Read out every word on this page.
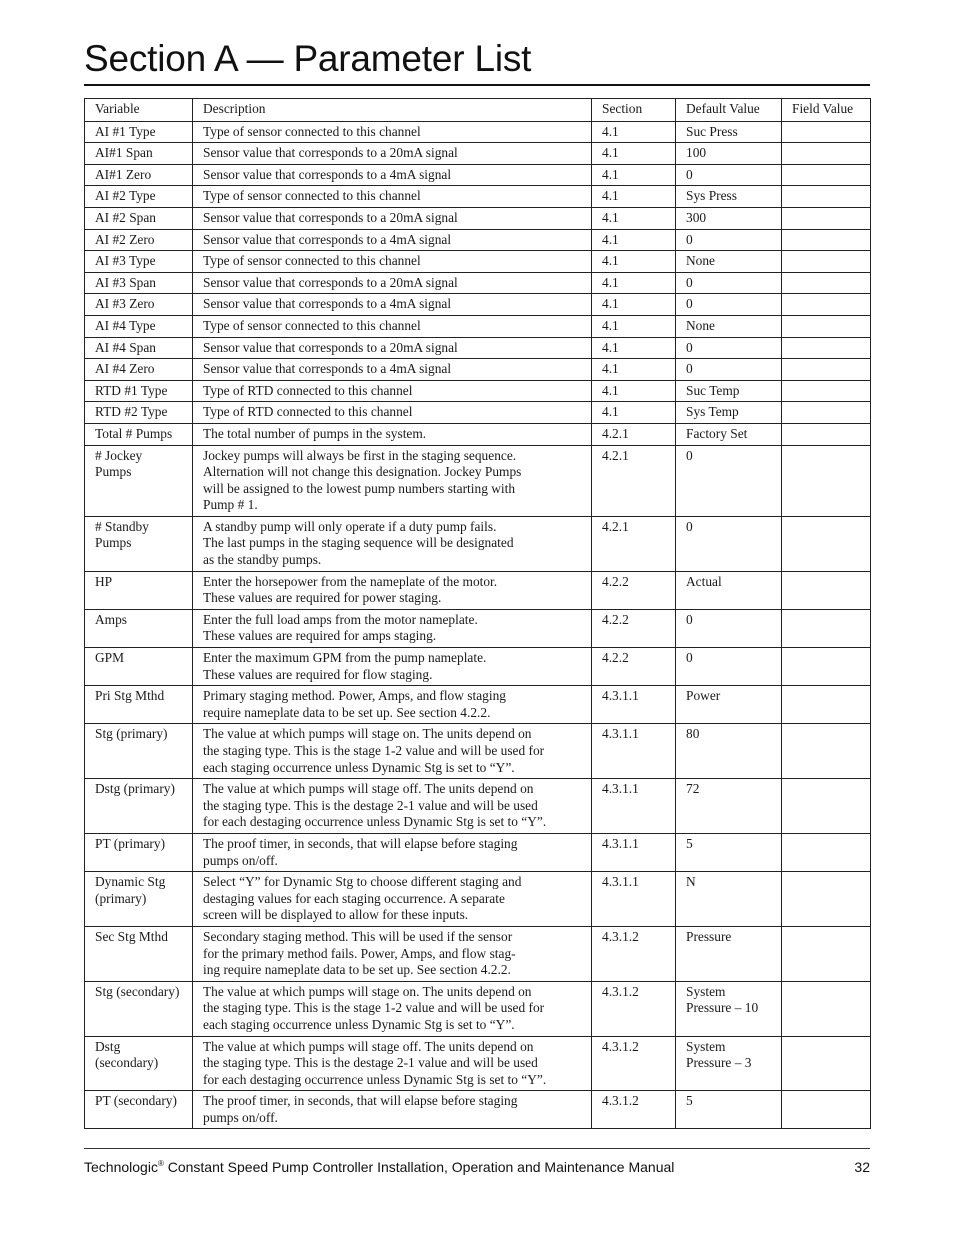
Section A — Parameter List
Variable	Description	Section	Default Value	Field Value
AI #1 Type	Type of sensor connected to this channel	4.1	Suc Press	
AI#1 Span	Sensor value that corresponds to a 20mA signal	4.1	100	
AI#1 Zero	Sensor value that corresponds to a 4mA signal	4.1	0	
AI #2 Type	Type of sensor connected to this channel	4.1	Sys Press	
AI #2 Span	Sensor value that corresponds to a 20mA signal	4.1	300	
AI #2 Zero	Sensor value that corresponds to a 4mA signal	4.1	0	
AI #3 Type	Type of sensor connected to this channel	4.1	None	
AI #3 Span	Sensor value that corresponds to a 20mA signal	4.1	0	
AI #3 Zero	Sensor value that corresponds to a 4mA signal	4.1	0	
AI #4 Type	Type of sensor connected to this channel	4.1	None	
AI #4 Span	Sensor value that corresponds to a 20mA signal	4.1	0	
AI #4 Zero	Sensor value that corresponds to a 4mA signal	4.1	0	
RTD #1 Type	Type of RTD connected to this channel	4.1	Suc Temp	
RTD #2 Type	Type of RTD connected to this channel	4.1	Sys Temp	
Total # Pumps	The total number of pumps in the system.	4.2.1	Factory Set	
# Jockey
Pumps	Jockey pumps will always be first in the staging sequence.
Alternation will not change this designation. Jockey Pumps
will be assigned to the lowest pump numbers starting with
Pump # 1.	4.2.1	0	
# Standby
Pumps	A standby pump will only operate if a duty pump fails.
The last pumps in the staging sequence will be designated
as the standby pumps.	4.2.1	0	
HP	Enter the horsepower from the nameplate of the motor.
These values are required for power staging.	4.2.2	Actual	
Amps	Enter the full load amps from the motor nameplate.
These values are required for amps staging.	4.2.2	0	
GPM	Enter the maximum GPM from the pump nameplate.
These values are required for flow staging.	4.2.2	0	
Pri Stg Mthd	Primary staging method. Power, Amps, and flow staging
require nameplate data to be set up. See section 4.2.2.	4.3.1.1	Power	
Stg (primary)	The value at which pumps will stage on. The units depend on
the staging type. This is the stage 1-2 value and will be used for
each staging occurrence unless Dynamic Stg is set to “Y”.	4.3.1.1	80	
Dstg (primary)	The value at which pumps will stage off. The units depend on
the staging type. This is the destage 2-1 value and will be used
for each destaging occurrence unless Dynamic Stg is set to “Y”.	4.3.1.1	72	
PT (primary)	The proof timer, in seconds, that will elapse before staging
pumps on/off.	4.3.1.1	5	
Dynamic Stg
(primary)	Select “Y” for Dynamic Stg to choose different staging and
destaging values for each staging occurrence. A separate
screen will be displayed to allow for these inputs.	4.3.1.1	N	
Sec Stg Mthd	Secondary staging method. This will be used if the sensor
for the primary method fails. Power, Amps, and flow stag-
ing require nameplate data to be set up. See section 4.2.2.	4.3.1.2	Pressure	
Stg (secondary)	The value at which pumps will stage on. The units depend on
the staging type. This is the stage 1-2 value and will be used for
each staging occurrence unless Dynamic Stg is set to “Y”.	4.3.1.2	System
Pressure – 10	
Dstg
(secondary)	The value at which pumps will stage off. The units depend on
the staging type. This is the destage 2-1 value and will be used
for each destaging occurrence unless Dynamic Stg is set to “Y”.	4.3.1.2	System
Pressure – 3	
PT (secondary)	The proof timer, in seconds, that will elapse before staging
pumps on/off.	4.3.1.2	5	
Technologic® Constant Speed Pump Controller Installation, Operation and Maintenance Manual	32
